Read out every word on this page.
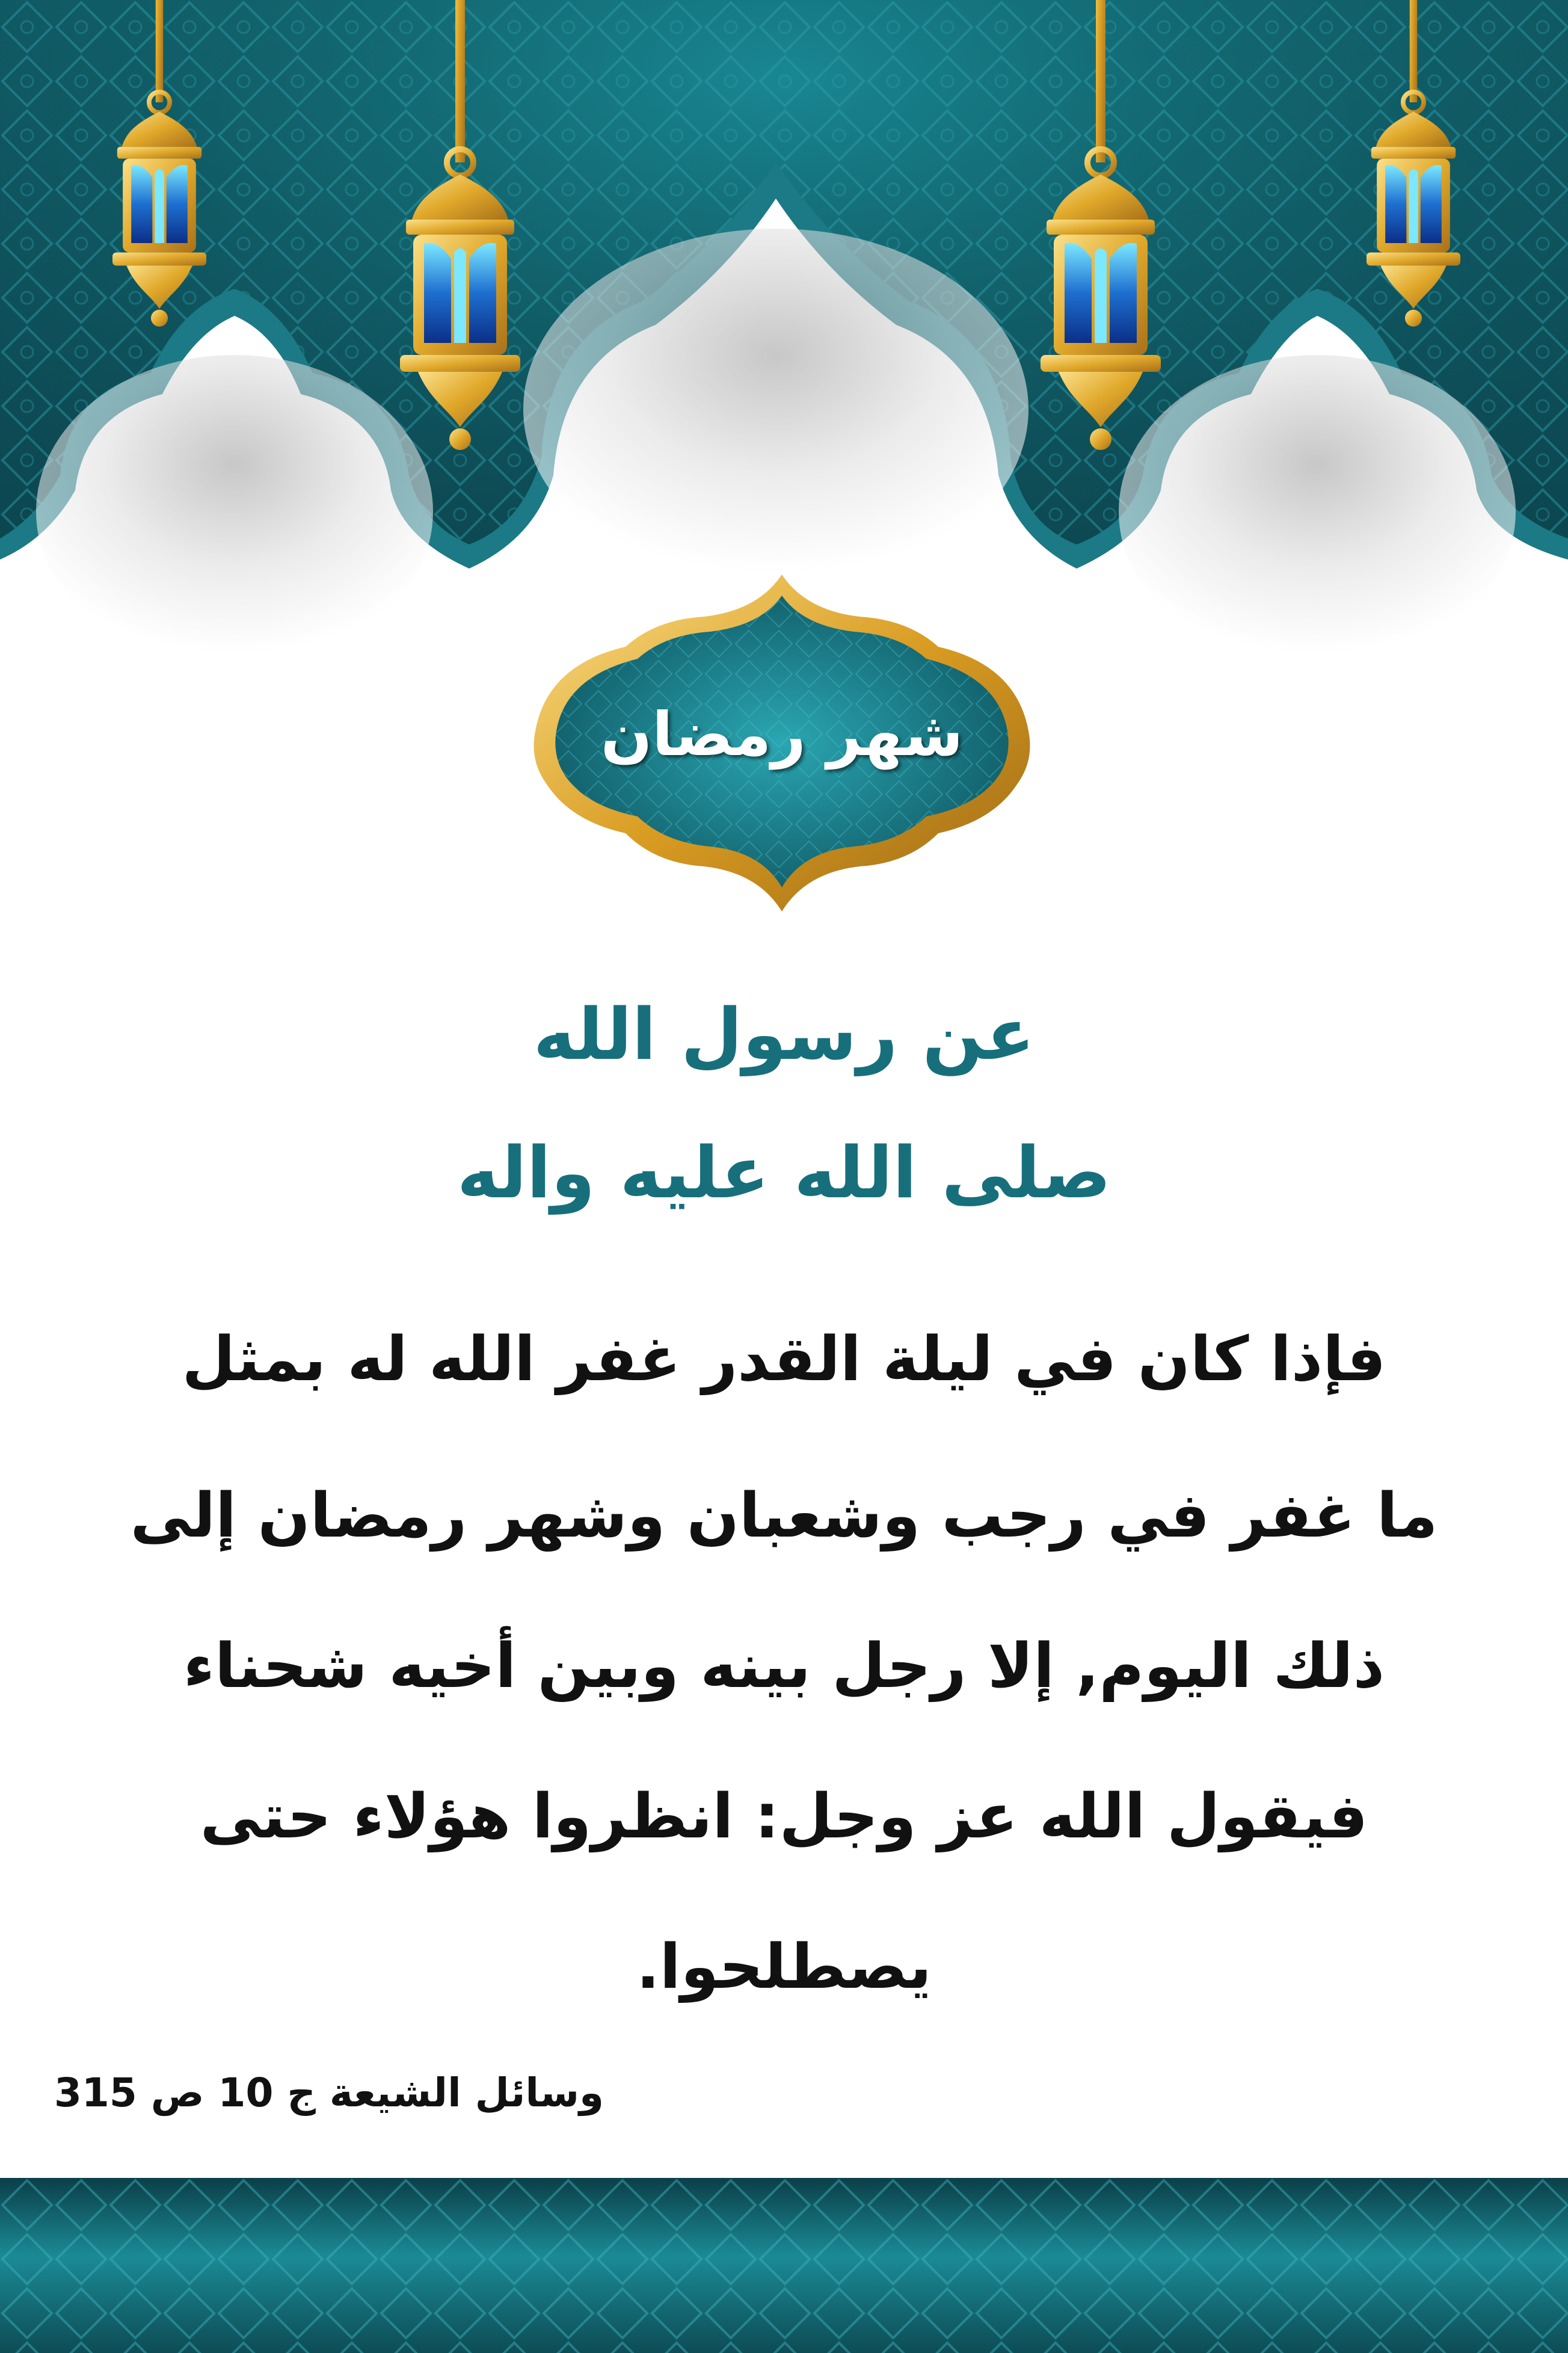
شهر رمضان
عن رسول الله
صلى الله عليه واله
فإذا كان في ليلة القدر غفر الله له بمثل
ما غفر في رجب وشعبان وشهر رمضان إلى
ذلك اليوم, إلا رجل بينه وبين أخيه شحناء
فيقول الله عز وجل: انظروا هؤلاء حتى
يصطلحوا.
وسائل الشيعة ج 10 ص 315
